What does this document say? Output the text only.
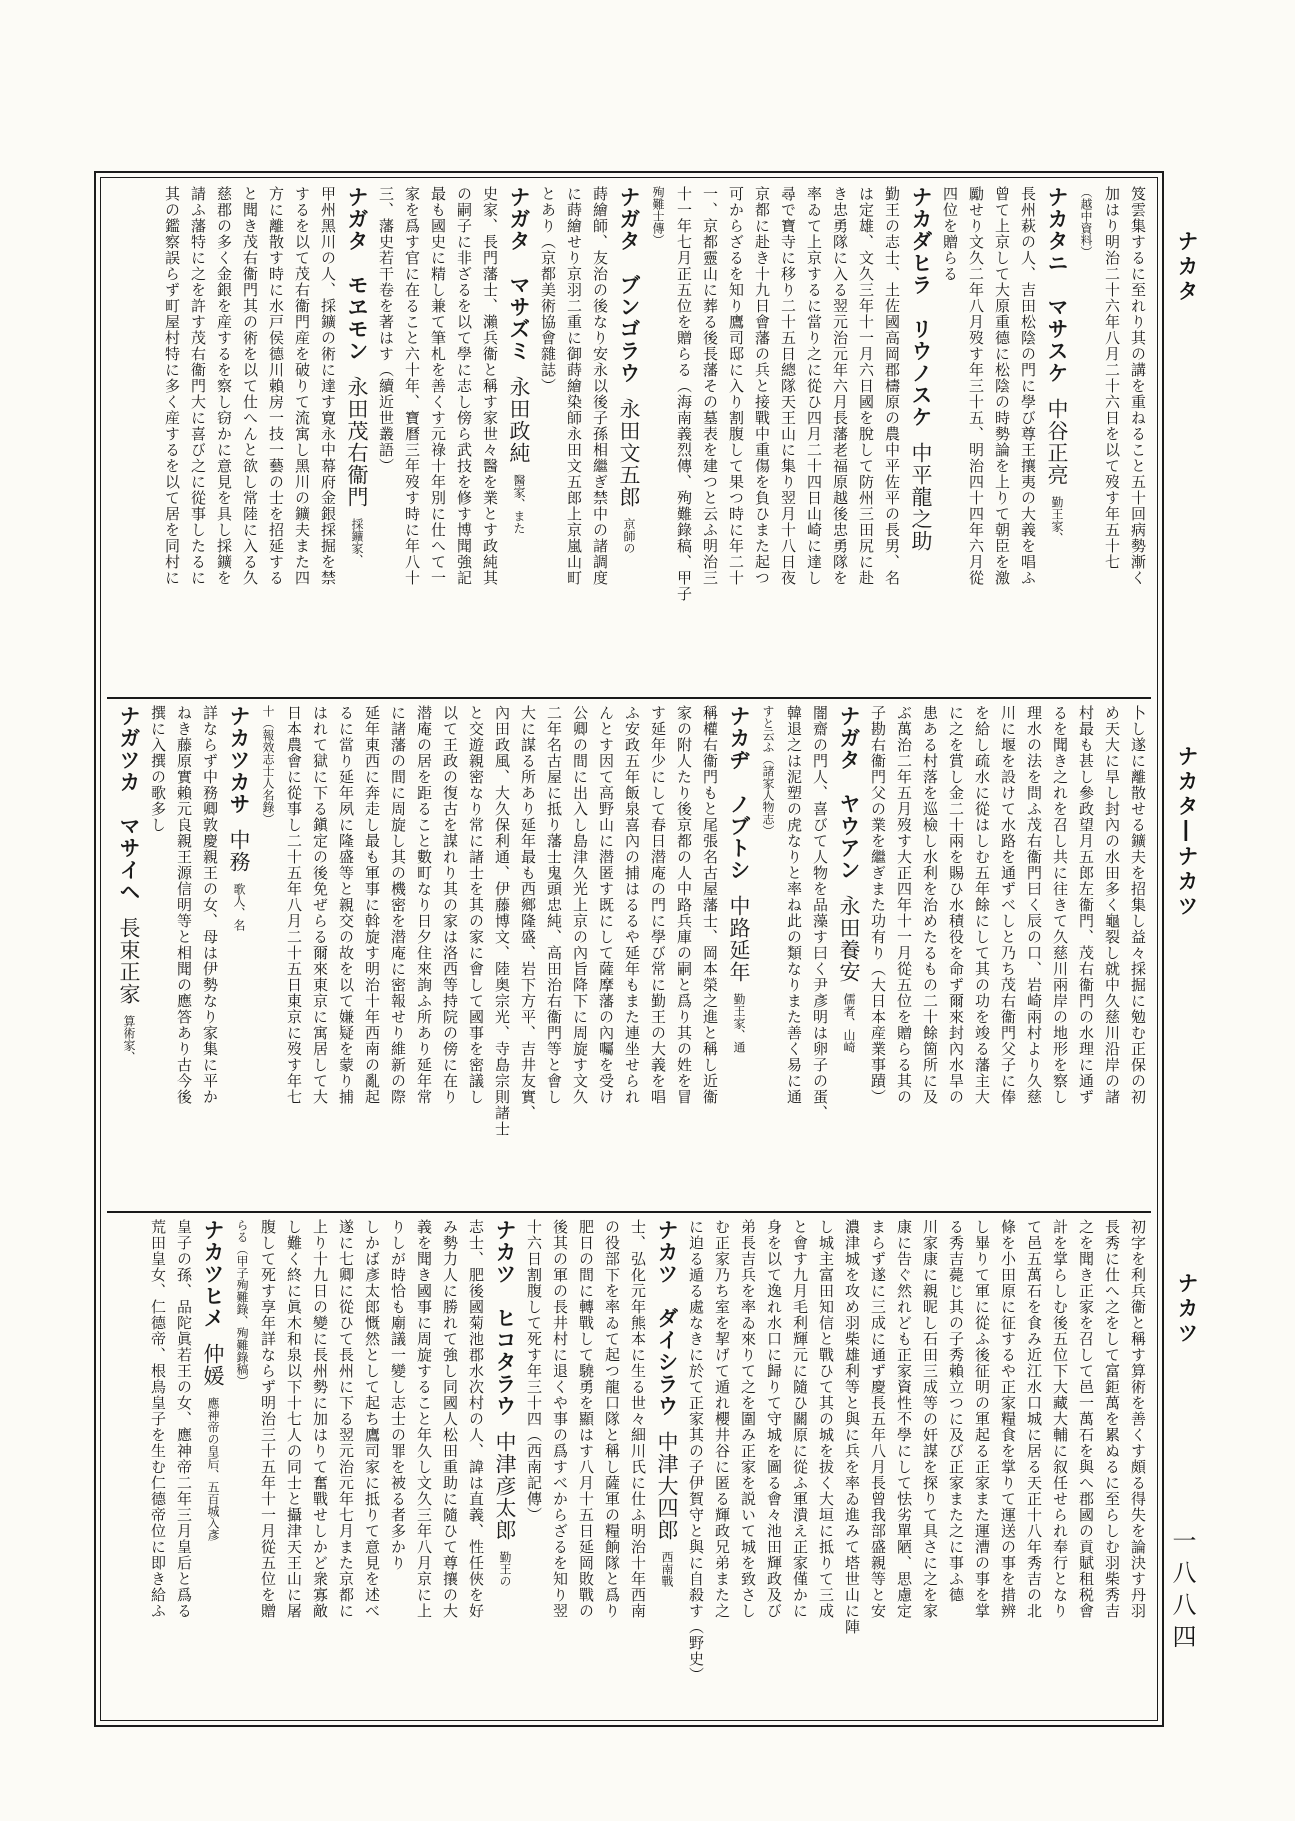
笈雲集するに至れり其の講を重ねること五十回病勢漸く
加はり明治二十六年八月二十六日を以て歿す年五十七
（越中資料）
ナカタニ　マサスケ中谷正亮勤王家、
長州萩の人、吉田松陰の門に學び尊王攘夷の大義を唱ふ
曾て上京して大原重德に松陰の時勢論を上りて朝臣を激
勵せり文久二年八月歿す年三十五、明治四十四年六月從
四位を贈らる
ナカダヒラ　リウノスケ中平龍之助
勤王の志士、土佐國高岡郡檮原の農中平佐平の長男、名
は定雄、文久三年十一月六日國を脫して防州三田尻に赴
き忠勇隊に入る翌元治元年六月長藩老福原越後忠勇隊を
率ゐて上京するに當り之に從ひ四月二十四日山崎に達し
尋で寶寺に移り二十五日總隊天王山に集り翌月十八日夜
京都に赴き十九日會藩の兵と接戰中重傷を負ひまた起つ
可からざるを知り鷹司邸に入り割腹して果つ時に年二十
一、京都靈山に葬る後長藩その墓表を建つと云ふ明治三
十一年七月正五位を贈らる（海南義烈傳、殉難錄稿、甲子
殉難士傳）
ナガタ　ブンゴラウ永田文五郎京師の
蒔繪師、友治の後なり安永以後子孫相繼ぎ禁中の諸調度
に蒔繪せり京羽二重に御蒔繪染師永田文五郎上京嵐山町
とあり（京都美術協會雜誌）
ナガタ　マサズミ永田政純醫家、また
史家、長門藩士、瀨兵衞と稱す家世々醫を業とす政純其
の嗣子に非ざるを以て學に志し傍ら武技を修す博聞強記
最も國史に精し兼て筆札を善くす元祿十年別に仕へて一
家を爲す官に在ること六十年、寶曆三年歿す時に年八十
三、藩史若干卷を著はす（續近世叢語）
ナガタ　モヱモン永田茂右衞門採鑛家、
甲州黑川の人、採鑛の術に達す寛永中幕府金銀採掘を禁
するを以て茂右衞門産を破りて流寓し黑川の鑛夫また四
方に離散す時に水戸侯德川賴房一技一藝の士を招延する
と聞き茂右衞門其の術を以て仕へんと欲し常陸に入る久
慈郡の多く金銀を産するを察し窃かに意見を具し採鑛を
請ふ藩特に之を許す茂右衞門大に喜び之に從事したるに
其の鑑察誤らず町屋村特に多く産するを以て居を同村に
卜し遂に離散せる鑛夫を招集し益々採掘に勉む正保の初
め天大に旱し封內の水田多く龜裂し就中久慈川沿岸の諸
村最も甚し參政望月五郎左衞門、茂右衞門の水理に通ず
るを聞き之れを召し共に往きて久慈川兩岸の地形を察し
理水の法を問ふ茂右衞門曰く辰の口、岩崎兩村より久慈
川に堰を設けて水路を通ずべしと乃ち茂右衞門父子に俸
を給し疏水に從はしむ五年餘にして其の功を竣る藩主大
に之を賞し金二十兩を賜ひ水積役を命ず爾來封內水旱の
患ある村落を巡檢し水利を治めたるもの二十餘箇所に及
ぶ萬治二年五月歿す大正四年十一月從五位を贈らる其の
子勘右衞門父の業を繼ぎまた功有り（大日本産業事蹟）
ナガタ　ヤウアン永田養安儒者、山崎
闇齋の門人、喜びて人物を品藻す曰く尹彥明は卵子の蛋、
韓退之は泥塑の虎なりと率ね此の類なりまた善く易に通
すと云ふ（諸家人物志）
ナカヂ　ノブトシ中路延年勤王家、通
稱權右衞門もと尾張名古屋藩士、岡本榮之進と稱し近衞
家の附人たり後京都の人中路兵庫の嗣と爲り其の姓を冒
す延年少にして春日潜庵の門に學び常に勤王の大義を唱
ふ安政五年飯泉喜內の捕はるるや延年もまた連坐せられ
んとす因て高野山に潜匿す既にして薩摩藩の內囑を受け
公卿の間に出入し島津久光上京の內旨降下に周旋す文久
二年名古屋に抵り藩士鬼頭忠純、高田治右衞門等と會し
大に謀る所あり延年最も西鄉隆盛、岩下方平、吉井友實、
內田政風、大久保利通、伊藤博文、陸奥宗光、寺島宗則諸士
と交遊親密なり常に諸士を其の家に會して國事を密議し
以て王政の復古を謀れり其の家は洛西等持院の傍に在り
潜庵の居を距ること數町なり日夕住來詢ふ所あり延年常
に諸藩の間に周旋し其の機密を潜庵に密報せり維新の際
延年東西に奔走し最も軍事に斡旋す明治十年西南の亂起
るに當り延年夙に隆盛等と親交の故を以て嫌疑を蒙り捕
はれて獄に下る鎭定の後免ぜらる爾來東京に寓居して大
日本農會に從事し二十五年八月二十五日東京に歿す年七
十（報效志士人名錄）
ナカツカサ中務歌人、名
詳ならず中務卿敦慶親王の女、母は伊勢なり家集に平か
ねき藤原實賴元良親王源信明等と相聞の應答あり古今後
撰に入撰の歌多し
ナガツカ　マサイヘ長束正家算術家、
初字を利兵衞と稱す算術を善くす頗る得失を論決す丹羽
長秀に仕へ之をして富鉅萬を累ぬるに至らしむ羽柴秀吉
之を聞き正家を召して邑一萬石を與へ郡國の貢賦租税會
計を掌らしむ後五位下大藏大輔に叙任せられ奉行となり
て邑五萬石を食み近江水口城に居る天正十八年秀吉の北
條を小田原に征するや正家糧食を掌りて運送の事を措辨
し畢りて軍に從ふ後征明の軍起る正家また運漕の事を掌
る秀吉薨じ其の子秀賴立つに及び正家また之に事ふ德
川家康に親昵し石田三成等の奸謀を探りて具さに之を家
康に告ぐ然れども正家資性不學にして怯劣單陋、思慮定
まらず遂に三成に通ず慶長五年八月長曾我部盛親等と安
濃津城を攻め羽柴雄利等と與に兵を率ゐ進みて塔世山に陣
し城主富田知信と戰ひて其の城を拔く大垣に抵りて三成
と會す九月毛利輝元に隨ひ關原に從ふ軍潰え正家僅かに
身を以て逸れ水口に歸りて守城を圖る會々池田輝政及び
弟長吉兵を率ゐ來りて之を圍み正家を説いて城を致さし
む正家乃ち室を挈げて遁れ櫻井谷に匿る輝政兄弟また之
に迫る遁る處なきに於て正家其の子伊賀守と與に自殺す（野史）
ナカツ　ダイシラウ中津大四郎西南戰
士、弘化元年熊本に生る世々細川氏に仕ふ明治十年西南
の役部下を率ゐて起つ龍口隊と稱し薩軍の糧餉隊と爲り
肥日の間に轉戰して驍勇を顯はす八月十五日延岡敗戰の
後其の軍の長井村に退くや事の爲すべからざるを知り翌
十六日割腹して死す年三十四（西南記傳）
ナカツ　ヒコタラウ中津彦太郎勤王の
志士、肥後國菊池郡水次村の人、諱は直義、性任俠を好
み勢力人に勝れて強し同國人松田重助に隨ひて尊攘の大
義を聞き國事に周旋すること年久し文久三年八月京に上
りしが時恰も廟議一變し志士の罪を被る者多かり
しかば彥太郎慨然として起ち鷹司家に抵りて意見を述べ
遂に七卿に從ひて長州に下る翌元治元年七月また京都に
上り十九日の變に長州勢に加はりて奮戰せしかど衆寡敵
し難く終に眞木和泉以下十七人の同士と攝津天王山に屠
腹して死す享年詳ならず明治三十五年十一月從五位を贈
らる（甲子殉難錄、殉難錄稿）
ナカツヒメ仲媛應神帝の皇后、五百城入彥
皇子の孫、品陀眞若王の女、應神帝二年三月皇后と爲る
荒田皇女、仁德帝、根鳥皇子を生む仁德帝位に即き給ふ
ナカタ
ナカタ―ナカツ
ナカツ
一八八四
